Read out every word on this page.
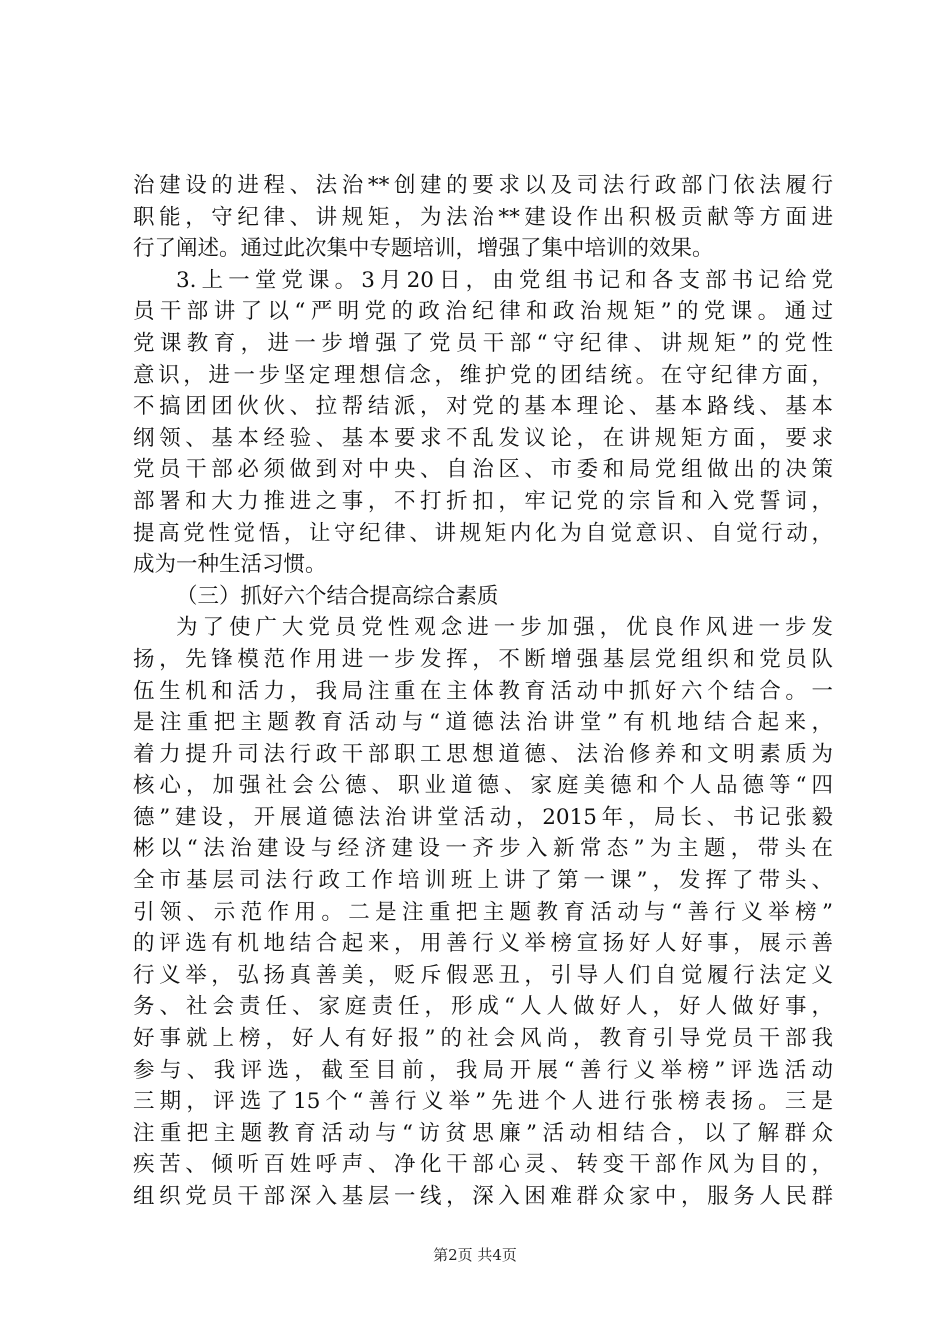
治建设的进程、法治**创建的要求以及司法行政部门依法履行
职能，守纪律、讲规矩，为法治**建设作出积极贡献等方面进
行了阐述。通过此次集中专题培训，增强了集中培训的效果。
3.上一堂党课。3月20日，由党组书记和各支部书记给党
员干部讲了以“严明党的政治纪律和政治规矩”的党课。通过
党课教育，进一步增强了党员干部“守纪律、讲规矩”的党性
意识，进一步坚定理想信念，维护党的团结统。在守纪律方面，
不搞团团伙伙、拉帮结派，对党的基本理论、基本路线、基本
纲领、基本经验、基本要求不乱发议论，在讲规矩方面，要求
党员干部必须做到对中央、自治区、市委和局党组做出的决策
部署和大力推进之事，不打折扣，牢记党的宗旨和入党誓词，
提高党性觉悟，让守纪律、讲规矩内化为自觉意识、自觉行动，
成为一种生活习惯。
（三）抓好六个结合提高综合素质
为了使广大党员党性观念进一步加强，优良作风进一步发
扬，先锋模范作用进一步发挥，不断增强基层党组织和党员队
伍生机和活力，我局注重在主体教育活动中抓好六个结合。一
是注重把主题教育活动与“道德法治讲堂”有机地结合起来，
着力提升司法行政干部职工思想道德、法治修养和文明素质为
核心，加强社会公德、职业道德、家庭美德和个人品德等“四
德”建设，开展道德法治讲堂活动，2015年，局长、书记张毅
彬以“法治建设与经济建设一齐步入新常态”为主题，带头在
全市基层司法行政工作培训班上讲了第一课”，发挥了带头、
引领、示范作用。二是注重把主题教育活动与“善行义举榜”
的评选有机地结合起来，用善行义举榜宣扬好人好事，展示善
行义举，弘扬真善美，贬斥假恶丑，引导人们自觉履行法定义
务、社会责任、家庭责任，形成“人人做好人，好人做好事，
好事就上榜，好人有好报”的社会风尚，教育引导党员干部我
参与、我评选，截至目前，我局开展“善行义举榜”评选活动
三期，评选了15个“善行义举”先进个人进行张榜表扬。三是
注重把主题教育活动与“访贫思廉”活动相结合，以了解群众
疾苦、倾听百姓呼声、净化干部心灵、转变干部作风为目的，
组织党员干部深入基层一线，深入困难群众家中，服务人民群
第2页 共4页
